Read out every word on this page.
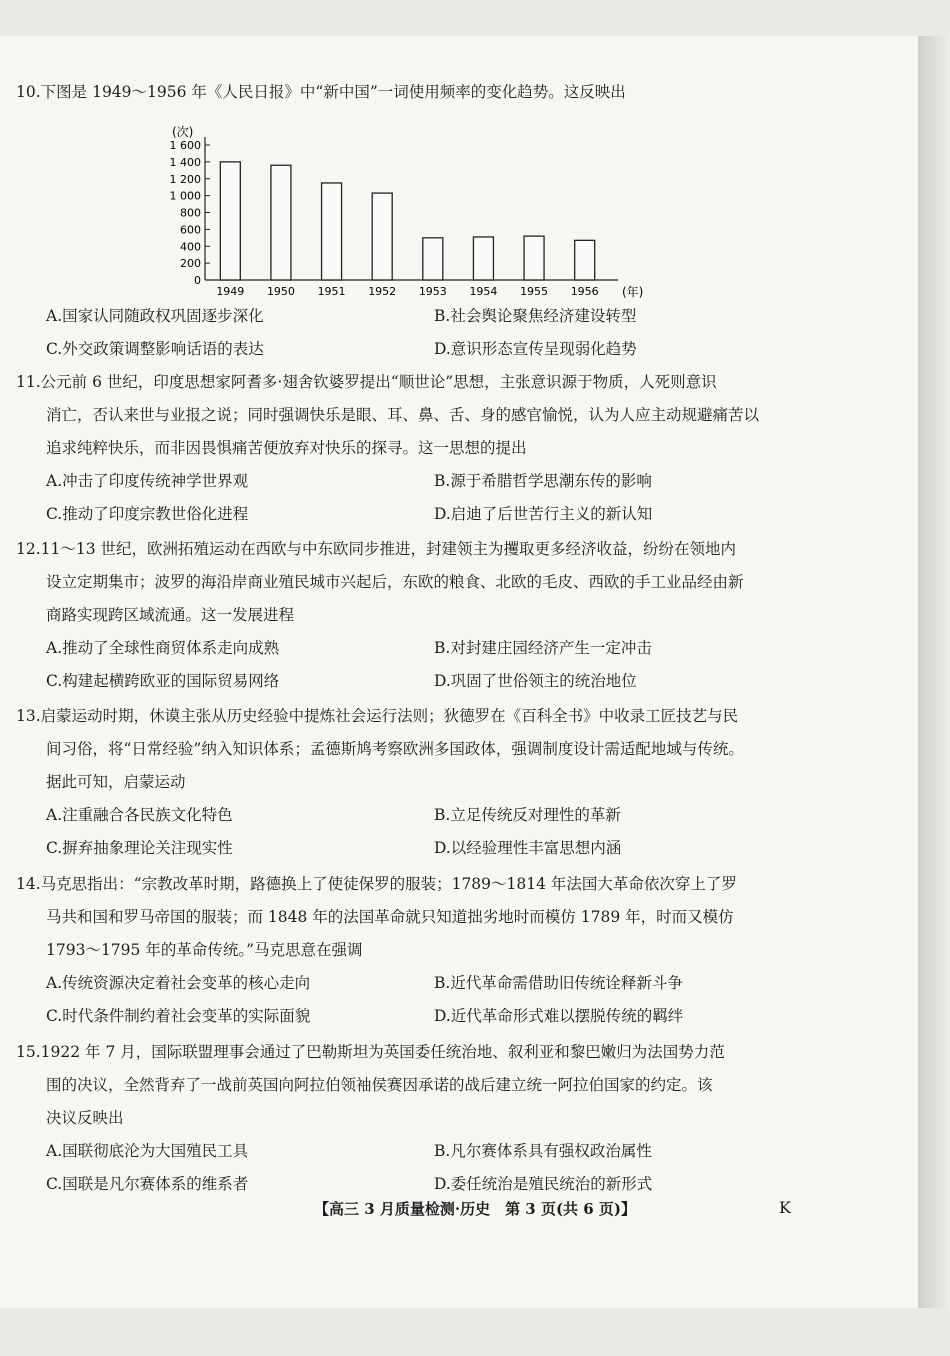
10.下图是 1949～1956 年《人民日报》中“新中国”一词使用频率的变化趋势。这反映出

(次)
(年)
0
200
400
600
800
1 000
1 200
1 400
1 600
1949 1950 1951 1952 1953 1954 1955 1956
A.国家认同随政权巩固逐步深化	B.社会舆论聚焦经济建设转型
C.外交政策调整影响话语的表达	D.意识形态宣传呈现弱化趋势

11.公元前 6 世纪，印度思想家阿耆多·翅舍钦婆罗提出“顺世论”思想，主张意识源于物质，人死则意识

消亡，否认来世与业报之说；同时强调快乐是眼、耳、鼻、舌、身的感官愉悦，认为人应主动规避痛苦以

追求纯粹快乐，而非因畏惧痛苦便放弃对快乐的探寻。这一思想的提出

A.冲击了印度传统神学世界观	B.源于希腊哲学思潮东传的影响
C.推动了印度宗教世俗化进程	D.启迪了后世苦行主义的新认知

12.11～13 世纪，欧洲拓殖运动在西欧与中东欧同步推进，封建领主为攫取更多经济收益，纷纷在领地内

设立定期集市；波罗的海沿岸商业殖民城市兴起后，东欧的粮食、北欧的毛皮、西欧的手工业品经由新

商路实现跨区域流通。这一发展进程

A.推动了全球性商贸体系走向成熟	B.对封建庄园经济产生一定冲击
C.构建起横跨欧亚的国际贸易网络	D.巩固了世俗领主的统治地位

13.启蒙运动时期，休谟主张从历史经验中提炼社会运行法则；狄德罗在《百科全书》中收录工匠技艺与民

间习俗，将“日常经验”纳入知识体系；孟德斯鸠考察欧洲多国政体，强调制度设计需适配地域与传统。

据此可知，启蒙运动

A.注重融合各民族文化特色	B.立足传统反对理性的革新
C.摒弃抽象理论关注现实性	D.以经验理性丰富思想内涵

14.马克思指出：“宗教改革时期，路德换上了使徒保罗的服装；1789～1814 年法国大革命依次穿上了罗

马共和国和罗马帝国的服装；而 1848 年的法国革命就只知道拙劣地时而模仿 1789 年，时而又模仿

1793～1795 年的革命传统。”马克思意在强调

A.传统资源决定着社会变革的核心走向	B.近代革命需借助旧传统诠释新斗争
C.时代条件制约着社会变革的实际面貌	D.近代革命形式难以摆脱传统的羁绊

15.1922 年 7 月，国际联盟理事会通过了巴勒斯坦为英国委任统治地、叙利亚和黎巴嫩归为法国势力范

围的决议，全然背弃了一战前英国向阿拉伯领袖侯赛因承诺的战后建立统一阿拉伯国家的约定。该

决议反映出

A.国联彻底沦为大国殖民工具	B.凡尔赛体系具有强权政治属性
C.国联是凡尔赛体系的维系者	D.委任统治是殖民统治的新形式
【高三 3 月质量检测·历史　第 3 页(共 6 页)】	K
